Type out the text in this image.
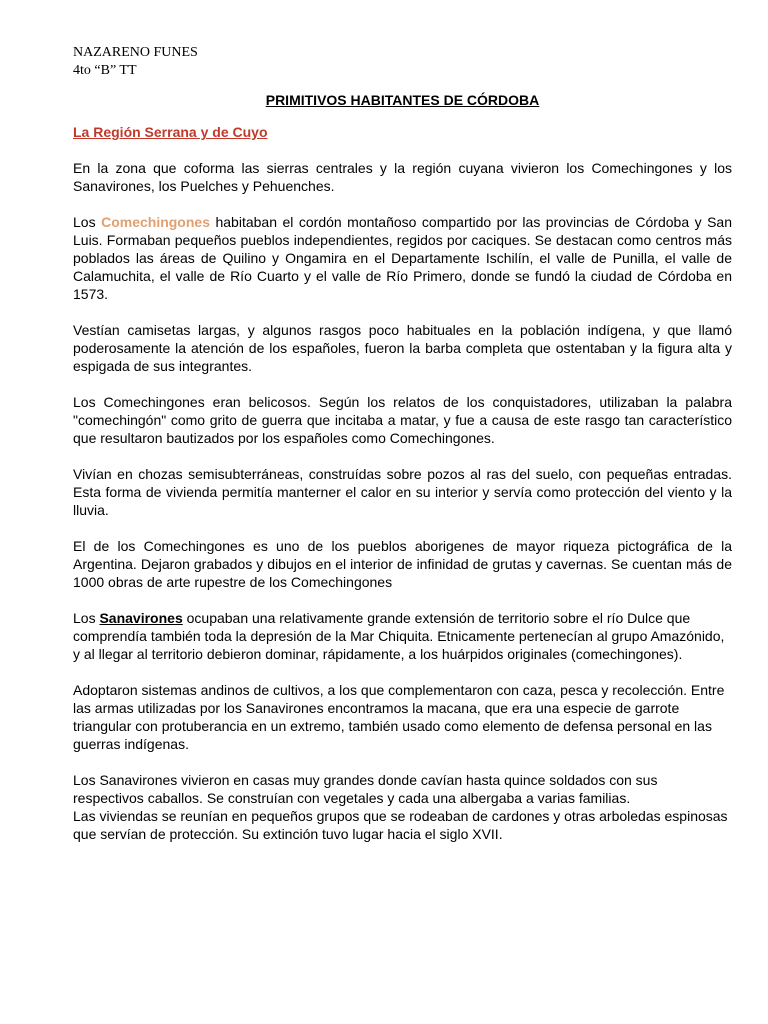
NAZARENO FUNES

4to “B” TT

PRIMITIVOS HABITANTES DE CÓRDOBA

La Región Serrana y de Cuyo

En la zona que coforma las sierras centrales y la región cuyana vivieron los Comechingones y los Sanavirones, los Puelches y Pehuenches.

Los Comechingones habitaban el cordón montañoso compartido por las provincias de Córdoba y San Luis. Formaban pequeños pueblos independientes, regidos por caciques. Se destacan como centros más poblados las áreas de Quilino y Ongamira en el Departamente Ischilín, el valle de Punilla, el valle de Calamuchita, el valle de Río Cuarto y el valle de Río Primero, donde se fundó la ciudad de Córdoba en 1573.

Vestían camisetas largas, y algunos rasgos poco habituales en la población indígena, y que llamó poderosamente la atención de los españoles, fueron la barba completa que ostentaban y la figura alta y espigada de sus integrantes.

Los Comechingones eran belicosos. Según los relatos de los conquistadores, utilizaban la palabra "comechingón" como grito de guerra que incitaba a matar, y fue a causa de este rasgo tan característico que resultaron bautizados por los españoles como Comechingones.

Vivían en chozas semisubterráneas, construídas sobre pozos al ras del suelo, con pequeñas entradas. Esta forma de vivienda permitía manterner el calor en su interior y servía como protección del viento y la lluvia.

El de los Comechingones es uno de los pueblos aborigenes de mayor riqueza pictográfica de la Argentina. Dejaron grabados y dibujos en el interior de infinidad de grutas y cavernas. Se cuentan más de 1000 obras de arte rupestre de los Comechingones

Los Sanavirones ocupaban una relativamente grande extensión de territorio sobre el río Dulce que comprendía también toda la depresión de la Mar Chiquita. Etnicamente pertenecían al grupo Amazónido, y al llegar al territorio debieron dominar, rápidamente, a los huárpidos originales (comechingones).

Adoptaron sistemas andinos de cultivos, a los que complementaron con caza, pesca y recolección. Entre las armas utilizadas por los Sanavirones encontramos la macana, que era una especie de garrote triangular con protuberancia en un extremo, también usado como elemento de defensa personal en las guerras indígenas.

Los Sanavirones vivieron en casas muy grandes donde cavían hasta quince soldados con sus respectivos caballos. Se construían con vegetales y cada una albergaba a varias familias.

Las viviendas se reunían en pequeños grupos que se rodeaban de cardones y otras arboledas espinosas que servían de protección. Su extinción tuvo lugar hacia el siglo XVII.
